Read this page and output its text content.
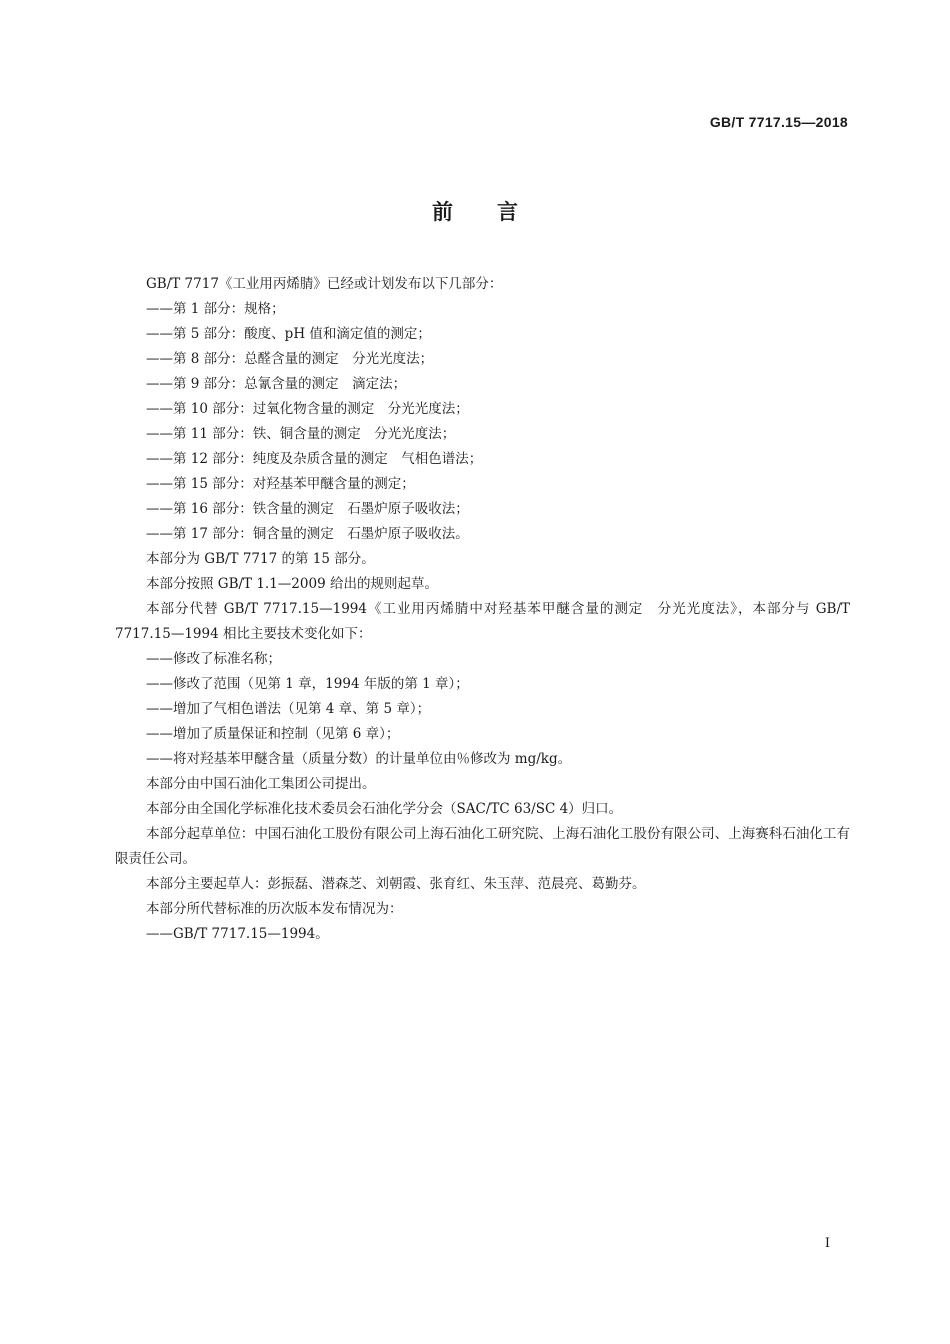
GB/T 7717.15—2018
前言

GB/T 7717《工业用丙烯腈》已经或计划发布以下几部分：

——第 1 部分：规格；

——第 5 部分：酸度、pH 值和滴定值的测定；

——第 8 部分：总醛含量的测定　分光光度法；

——第 9 部分：总氰含量的测定　滴定法；

——第 10 部分：过氧化物含量的测定　分光光度法；

——第 11 部分：铁、铜含量的测定　分光光度法；

——第 12 部分：纯度及杂质含量的测定　气相色谱法；

——第 15 部分：对羟基苯甲醚含量的测定；

——第 16 部分：铁含量的测定　石墨炉原子吸收法；

——第 17 部分：铜含量的测定　石墨炉原子吸收法。

本部分为 GB/T 7717 的第 15 部分。

本部分按照 GB/T 1.1—2009 给出的规则起草。

本部分代替 GB/T 7717.15—1994《工业用丙烯腈中对羟基苯甲醚含量的测定　分光光度法》，本部分与 GB/T 7717.15—1994 相比主要技术变化如下：

——修改了标准名称；

——修改了范围（见第 1 章，1994 年版的第 1 章）；

——增加了气相色谱法（见第 4 章、第 5 章）；

——增加了质量保证和控制（见第 6 章）；

——将对羟基苯甲醚含量（质量分数）的计量单位由％修改为 mg/kg。

本部分由中国石油化工集团公司提出。

本部分由全国化学标准化技术委员会石油化学分会（SAC/TC 63/SC 4）归口。

本部分起草单位：中国石油化工股份有限公司上海石油化工研究院、上海石油化工股份有限公司、上海赛科石油化工有限责任公司。

本部分主要起草人：彭振磊、潜森芝、刘朝霞、张育红、朱玉萍、范晨亮、葛勤芬。

本部分所代替标准的历次版本发布情况为：

——GB/T 7717.15—1994。

I
